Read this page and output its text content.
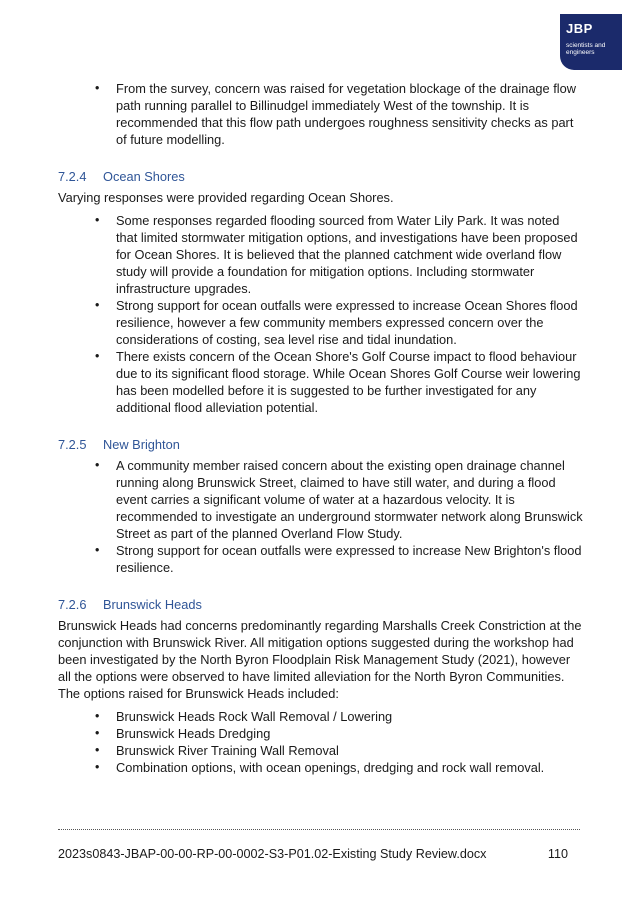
JBP
scientists and engineers
• From the survey, concern was raised for vegetation blockage of the drainage flow path running parallel to Billinudgel immediately West of the township. It is recommended that this flow path undergoes roughness sensitivity checks as part of future modelling.
7.2.4 Ocean Shores

Varying responses were provided regarding Ocean Shores.

• Some responses regarded flooding sourced from Water Lily Park. It was noted that limited stormwater mitigation options, and investigations have been proposed for Ocean Shores. It is believed that the planned catchment wide overland flow study will provide a foundation for mitigation options. Including stormwater infrastructure upgrades.
• Strong support for ocean outfalls were expressed to increase Ocean Shores flood resilience, however a few community members expressed concern over the considerations of costing, sea level rise and tidal inundation.
• There exists concern of the Ocean Shore's Golf Course impact to flood behaviour due to its significant flood storage. While Ocean Shores Golf Course weir lowering has been modelled before it is suggested to be further investigated for any additional flood alleviation potential.
7.2.5 New Brighton
• A community member raised concern about the existing open drainage channel running along Brunswick Street, claimed to have still water, and during a flood event carries a significant volume of water at a hazardous velocity. It is recommended to investigate an underground stormwater network along Brunswick Street as part of the planned Overland Flow Study.
• Strong support for ocean outfalls were expressed to increase New Brighton's flood resilience.
7.2.6 Brunswick Heads

Brunswick Heads had concerns predominantly regarding Marshalls Creek Constriction at the conjunction with Brunswick River. All mitigation options suggested during the workshop had been investigated by the North Byron Floodplain Risk Management Study (2021), however all the options were observed to have limited alleviation for the North Byron Communities. The options raised for Brunswick Heads included:

• Brunswick Heads Rock Wall Removal / Lowering
• Brunswick Heads Dredging
• Brunswick River Training Wall Removal
• Combination options, with ocean openings, dredging and rock wall removal.
2023s0843-JBAP-00-00-RP-00-0002-S3-P01.02-Existing Study Review.docx	110
